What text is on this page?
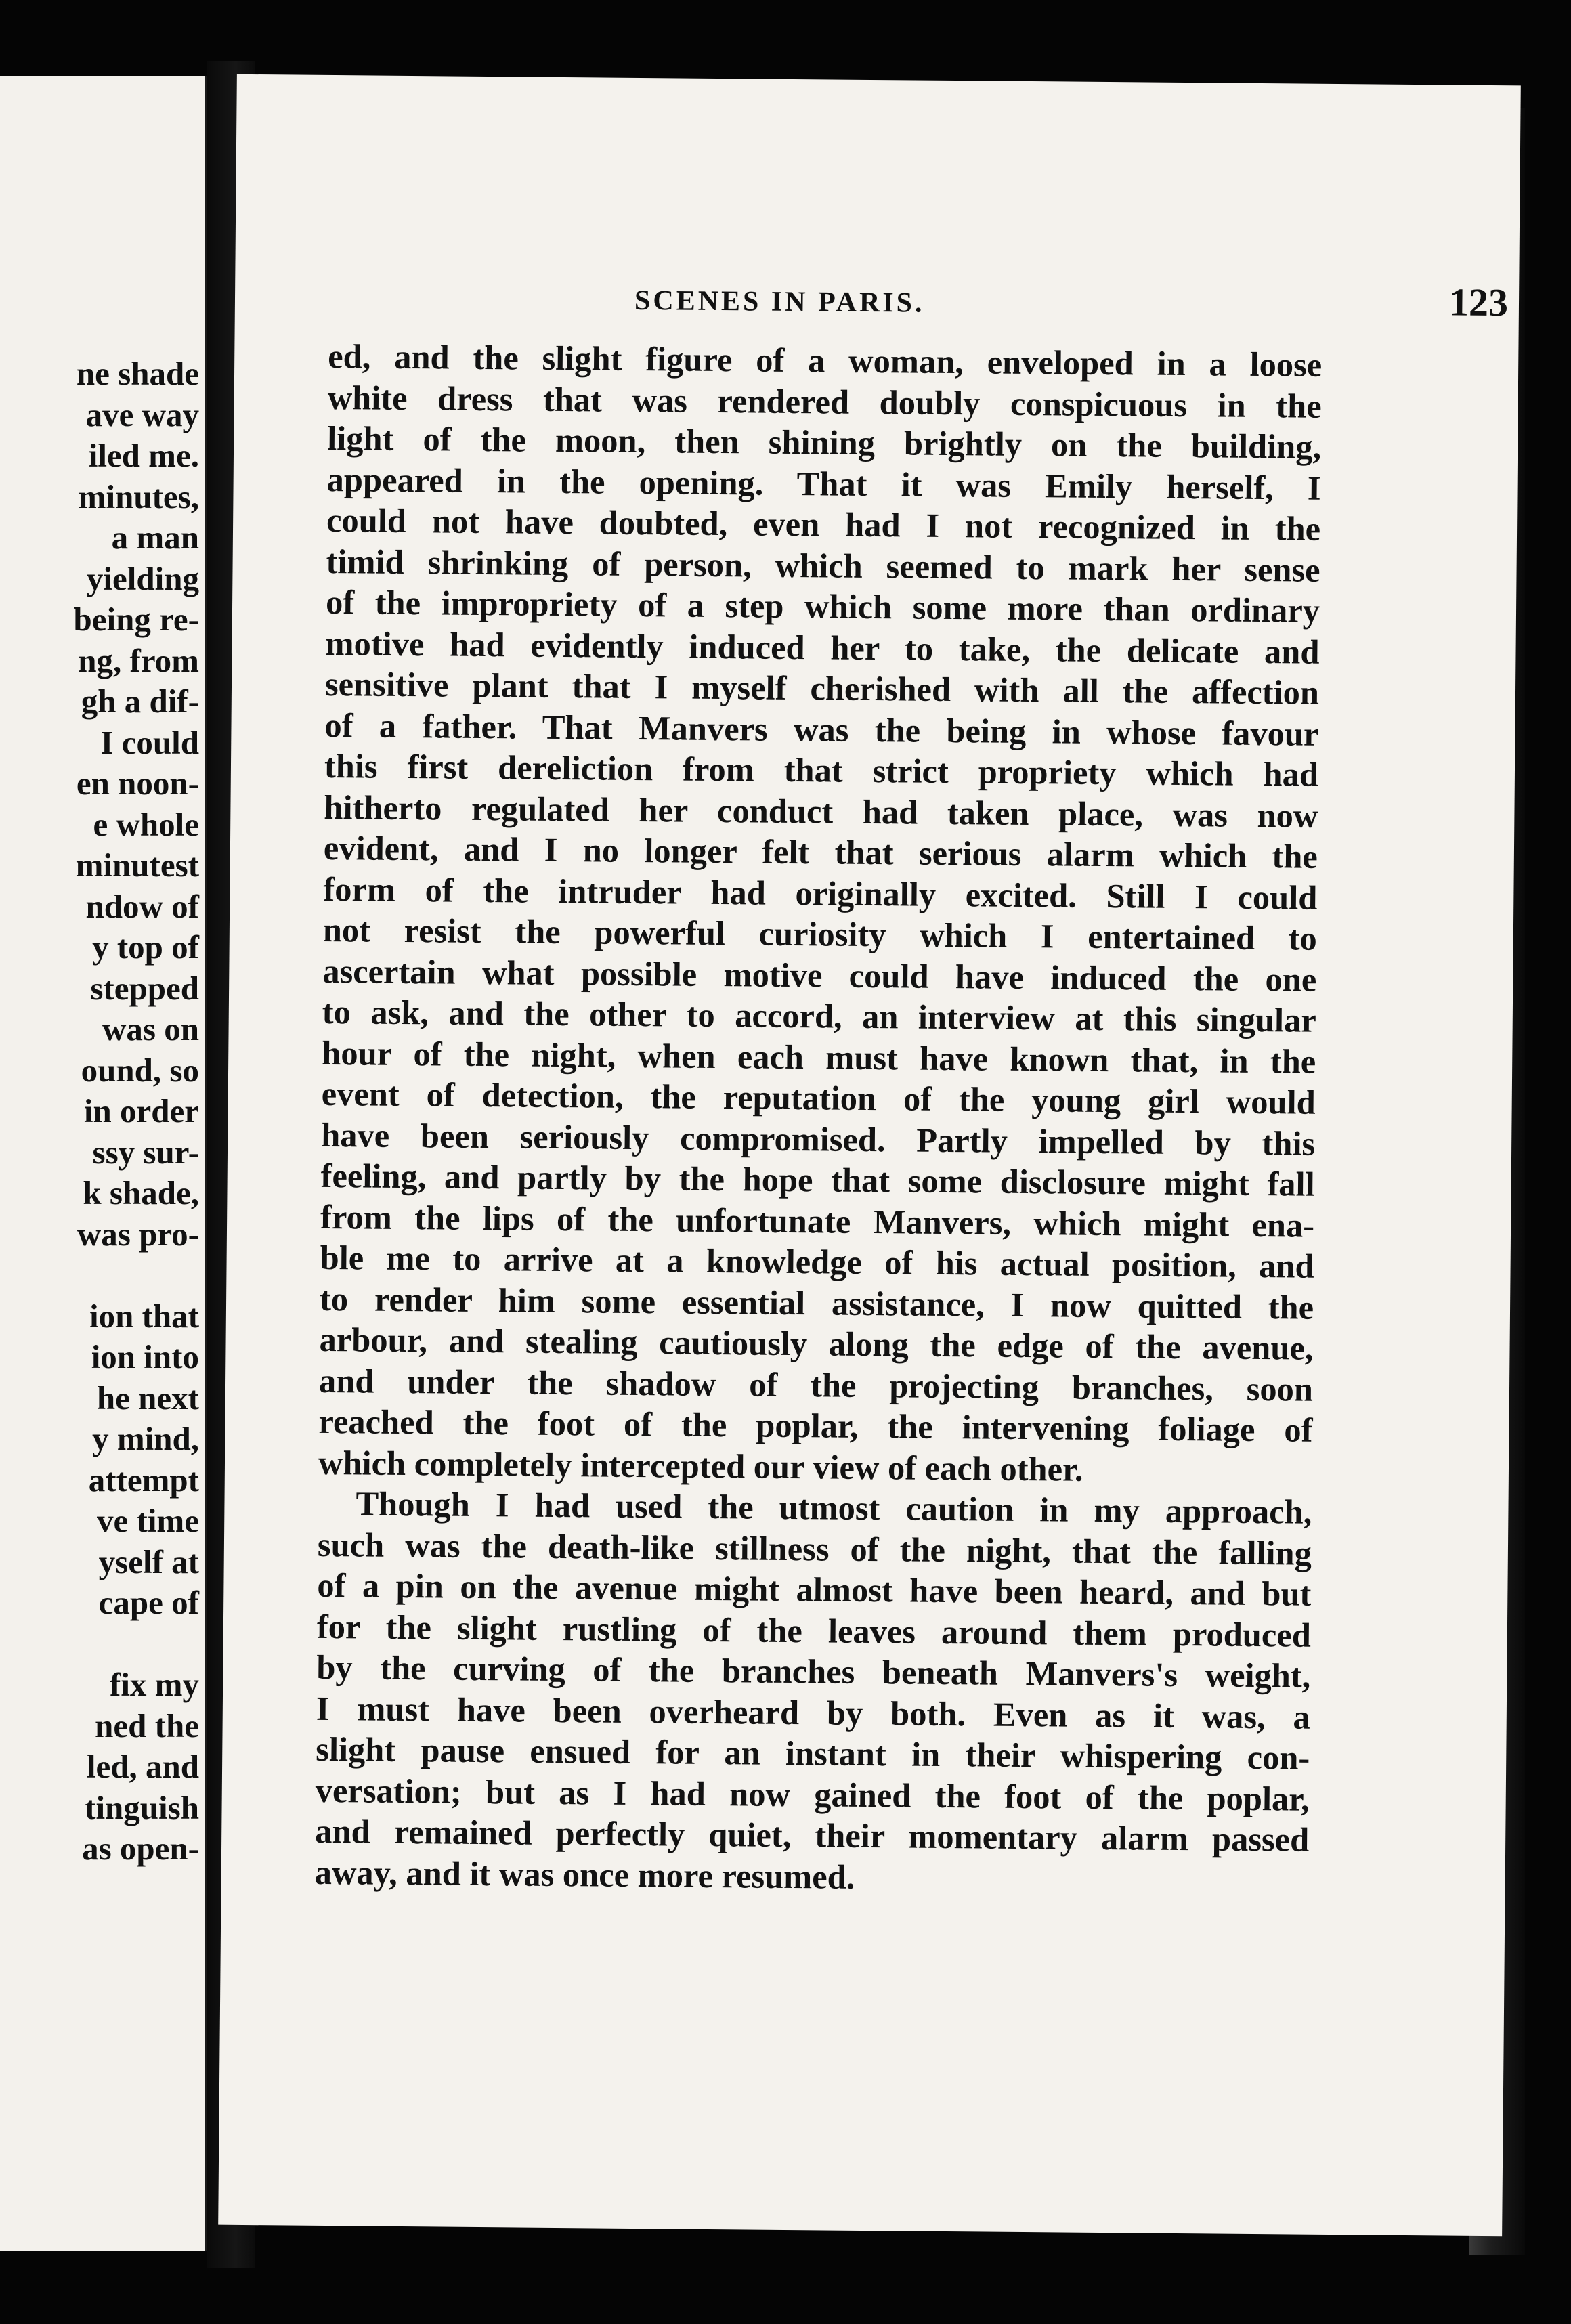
ne shade
ave way
iled me.
minutes,
a man
yielding
being re-
ng, from
gh a dif-
I could
en noon-
e whole
minutest
ndow of
y top of
stepped
was on
ound, so
in order
ssy sur-
k shade,
was pro-
ion that
ion into
he next
y mind,
attempt
ve time
yself at
cape of
fix my
ned the
led, and
tinguish
as open-
SCENES IN PARIS.	123
ed, and the slight figure of a woman, enveloped in a loose
white dress that was rendered doubly conspicuous in the
light of the moon, then shining brightly on the building,
appeared in the opening. That it was Emily herself, I
could not have doubted, even had I not recognized in the
timid shrinking of person, which seemed to mark her sense
of the impropriety of a step which some more than ordinary
motive had evidently induced her to take, the delicate and
sensitive plant that I myself cherished with all the affection
of a father. That Manvers was the being in whose favour
this first dereliction from that strict propriety which had
hitherto regulated her conduct had taken place, was now
evident, and I no longer felt that serious alarm which the
form of the intruder had originally excited. Still I could
not resist the powerful curiosity which I entertained to
ascertain what possible motive could have induced the one
to ask, and the other to accord, an interview at this singular
hour of the night, when each must have known that, in the
event of detection, the reputation of the young girl would
have been seriously compromised. Partly impelled by this
feeling, and partly by the hope that some disclosure might fall
from the lips of the unfortunate Manvers, which might ena-
ble me to arrive at a knowledge of his actual position, and
to render him some essential assistance, I now quitted the
arbour, and stealing cautiously along the edge of the avenue,
and under the shadow of the projecting branches, soon
reached the foot of the poplar, the intervening foliage of
which completely intercepted our view of each other.
Though I had used the utmost caution in my approach,
such was the death-like stillness of the night, that the falling
of a pin on the avenue might almost have been heard, and but
for the slight rustling of the leaves around them produced
by the curving of the branches beneath Manvers's weight,
I must have been overheard by both. Even as it was, a
slight pause ensued for an instant in their whispering con-
versation; but as I had now gained the foot of the poplar,
and remained perfectly quiet, their momentary alarm passed
away, and it was once more resumed.
